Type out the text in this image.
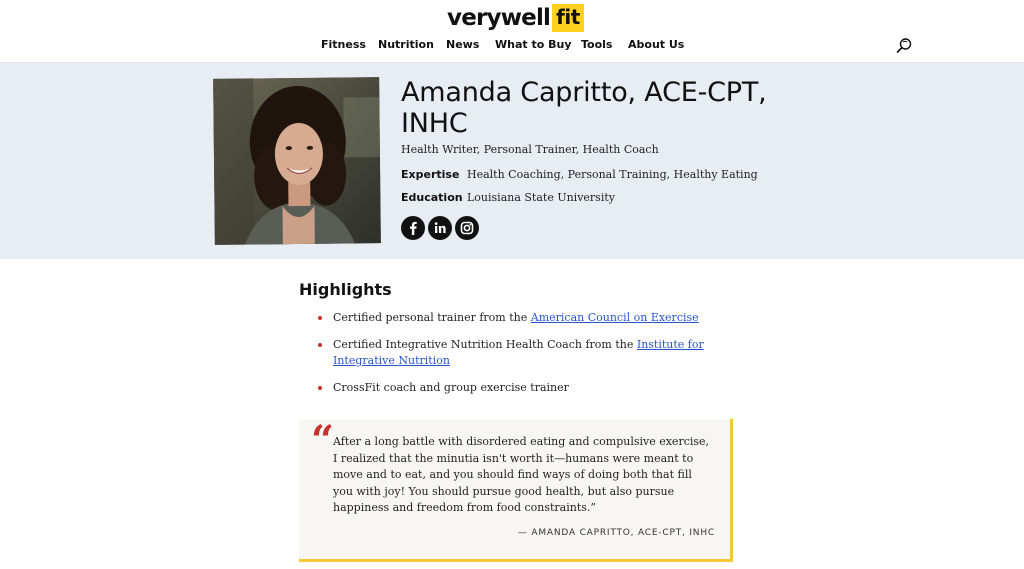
verywell fit
Fitness Nutrition News What to Buy Tools About Us
Amanda Capritto, ACE-CPT, INHC
Health Writer, Personal Trainer, Health Coach
Expertise Health Coaching, Personal Training, Healthy Eating
Education Louisiana State University
Highlights
Certified personal trainer from the American Council on Exercise
Certified Integrative Nutrition Health Coach from the Institute for Integrative Nutrition
CrossFit coach and group exercise trainer
“

After a long battle with disordered eating and compulsive exercise, I realized that the minutia isn't worth it—humans were meant to move and to eat, and you should find ways of doing both that fill you with joy! You should pursue good health, but also pursue happiness and freedom from food constraints.”

— AMANDA CAPRITTO, ACE-CPT, INHC
